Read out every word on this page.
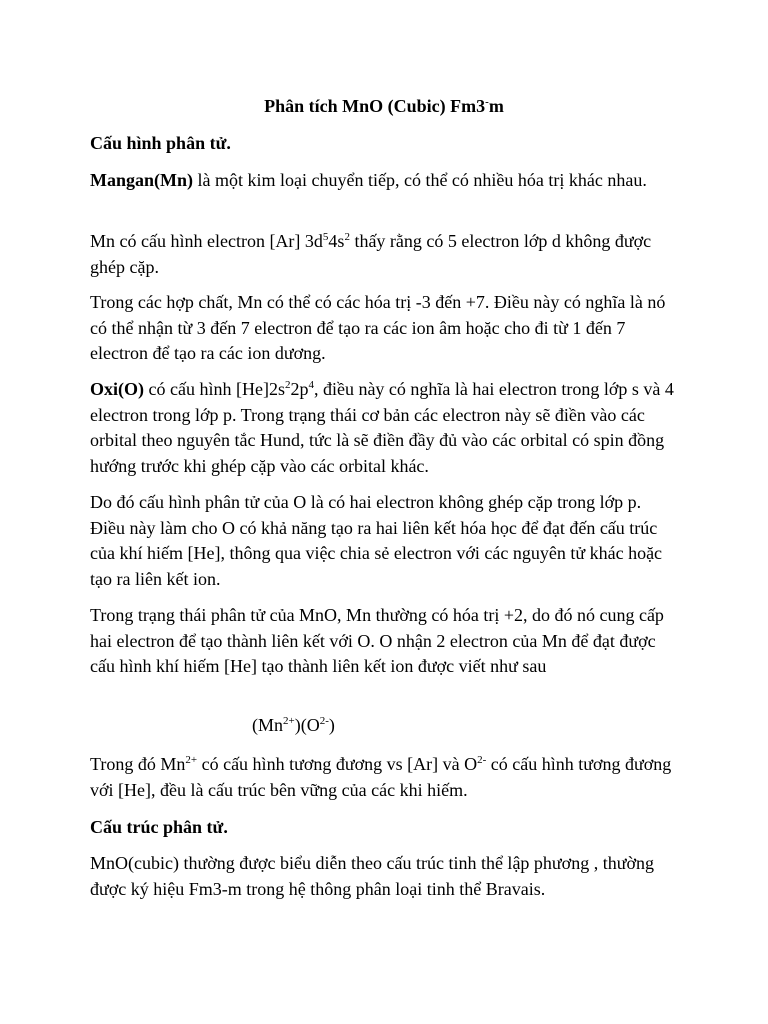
Phân tích MnO (Cubic) Fm3-m

Cấu hình phân tử.

Mangan(Mn) là một kim loại chuyển tiếp, có thể có nhiều hóa trị khác nhau.

Mn có cấu hình electron [Ar] $3d^54s^2$ thấy rằng có 5 electron lớp d không được ghép cặp.

Trong các hợp chất, Mn có thể có các hóa trị -3 đến +7. Điều này có nghĩa là nó có thể nhận từ 3 đến 7 electron để tạo ra các ion âm hoặc cho đi từ 1 đến 7 electron để tạo ra các ion dương.

Oxi(O) có cấu hình $[He]2s^22p^4$, điều này có nghĩa là hai electron trong lớp s và 4 electron trong lớp p. Trong trạng thái cơ bản các electron này sẽ điền vào các orbital theo nguyên tắc Hund, tức là sẽ điền đầy đủ vào các orbital có spin đồng hướng trước khi ghép cặp vào các orbital khác.

Do đó cấu hình phân tử của O là có hai electron không ghép cặp trong lớp p. Điều này làm cho O có khả năng tạo ra hai liên kết hóa học để đạt đến cấu trúc của khí hiếm [He], thông qua việc chia sẻ electron với các nguyên tử khác hoặc tạo ra liên kết ion.

Trong trạng thái phân tử của MnO, Mn thường có hóa trị +2, do đó nó cung cấp hai electron để tạo thành liên kết với O. O nhận 2 electron của Mn để đạt được cấu hình khí hiếm [He] tạo thành liên kết ion được viết như sau

$(Mn^{2+})(O^{2-})$

Trong đó $Mn^{2+}$ có cấu hình tương đương vs [Ar] và $O^{2-}$ có cấu hình tương đương với [He], đều là cấu trúc bên vững của các khi hiếm.

Cấu trúc phân tử.

MnO(cubic) thường được biểu diễn theo cấu trúc tinh thể lập phương , thường được ký hiệu Fm3-m trong hệ thông phân loại tinh thể Bravais.
